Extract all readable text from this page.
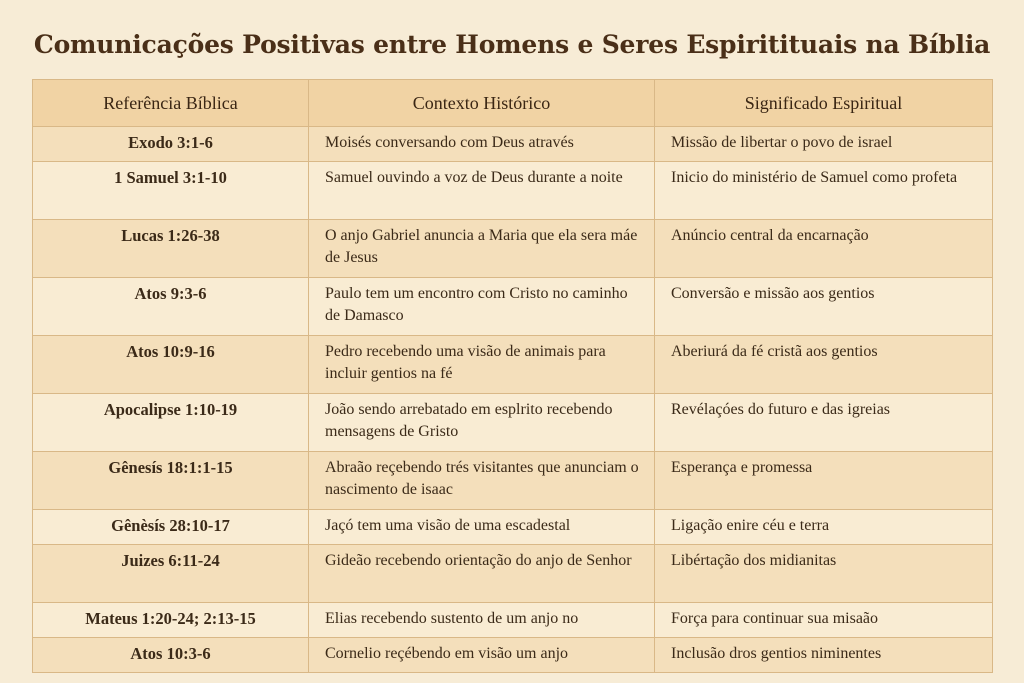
Comunicações Positivas entre Homens e Seres Espiritituais na Bíblia
Referência Bíblica	Contexto Histórico	Significado Espiritual
Exodo 3:1-6	Moisés conversando com Deus através	Missão de libertar o povo de israel
1 Samuel 3:1-10	Samuel ouvindo a voz de Deus durante a noite	Inicio do ministério de Samuel como profeta
Lucas 1:26-38	O anjo Gabriel anuncia a Maria que ela sera máe de Jesus	Anúncio central da encarnação
Atos 9:3-6	Paulo tem um encontro com Cristo no caminho de Damasco	Conversão e missão aos gentios
Atos 10:9-16	Pedro recebendo uma visão de animais para incluir gentios na fé	Aberiurá da fé cristã aos gentios
Apocalipse 1:10-19	João sendo arrebatado em esplrito recebendo mensagens de Gristo	Revélaçóes do futuro e das igreias
Gênesís 18:1:1-15	Abraão reçebendo trés visitantes que anunciam o nascimento de isaac	Esperança e promessa
Gênèsís 28:10-17	Jaçó tem uma visão de uma escadestal	Ligação enire céu e terra
Juizes 6:11-24	Gideão recebendo orientação do anjo de Senhor	Libértação dos midianitas
Mateus 1:20-24; 2:13-15	Elias recebendo sustento de um anjo no	Força para continuar sua misaão
Atos 10:3-6	Cornelio reçébendo em visão um anjo	Inclusão dros gentios niminentes
